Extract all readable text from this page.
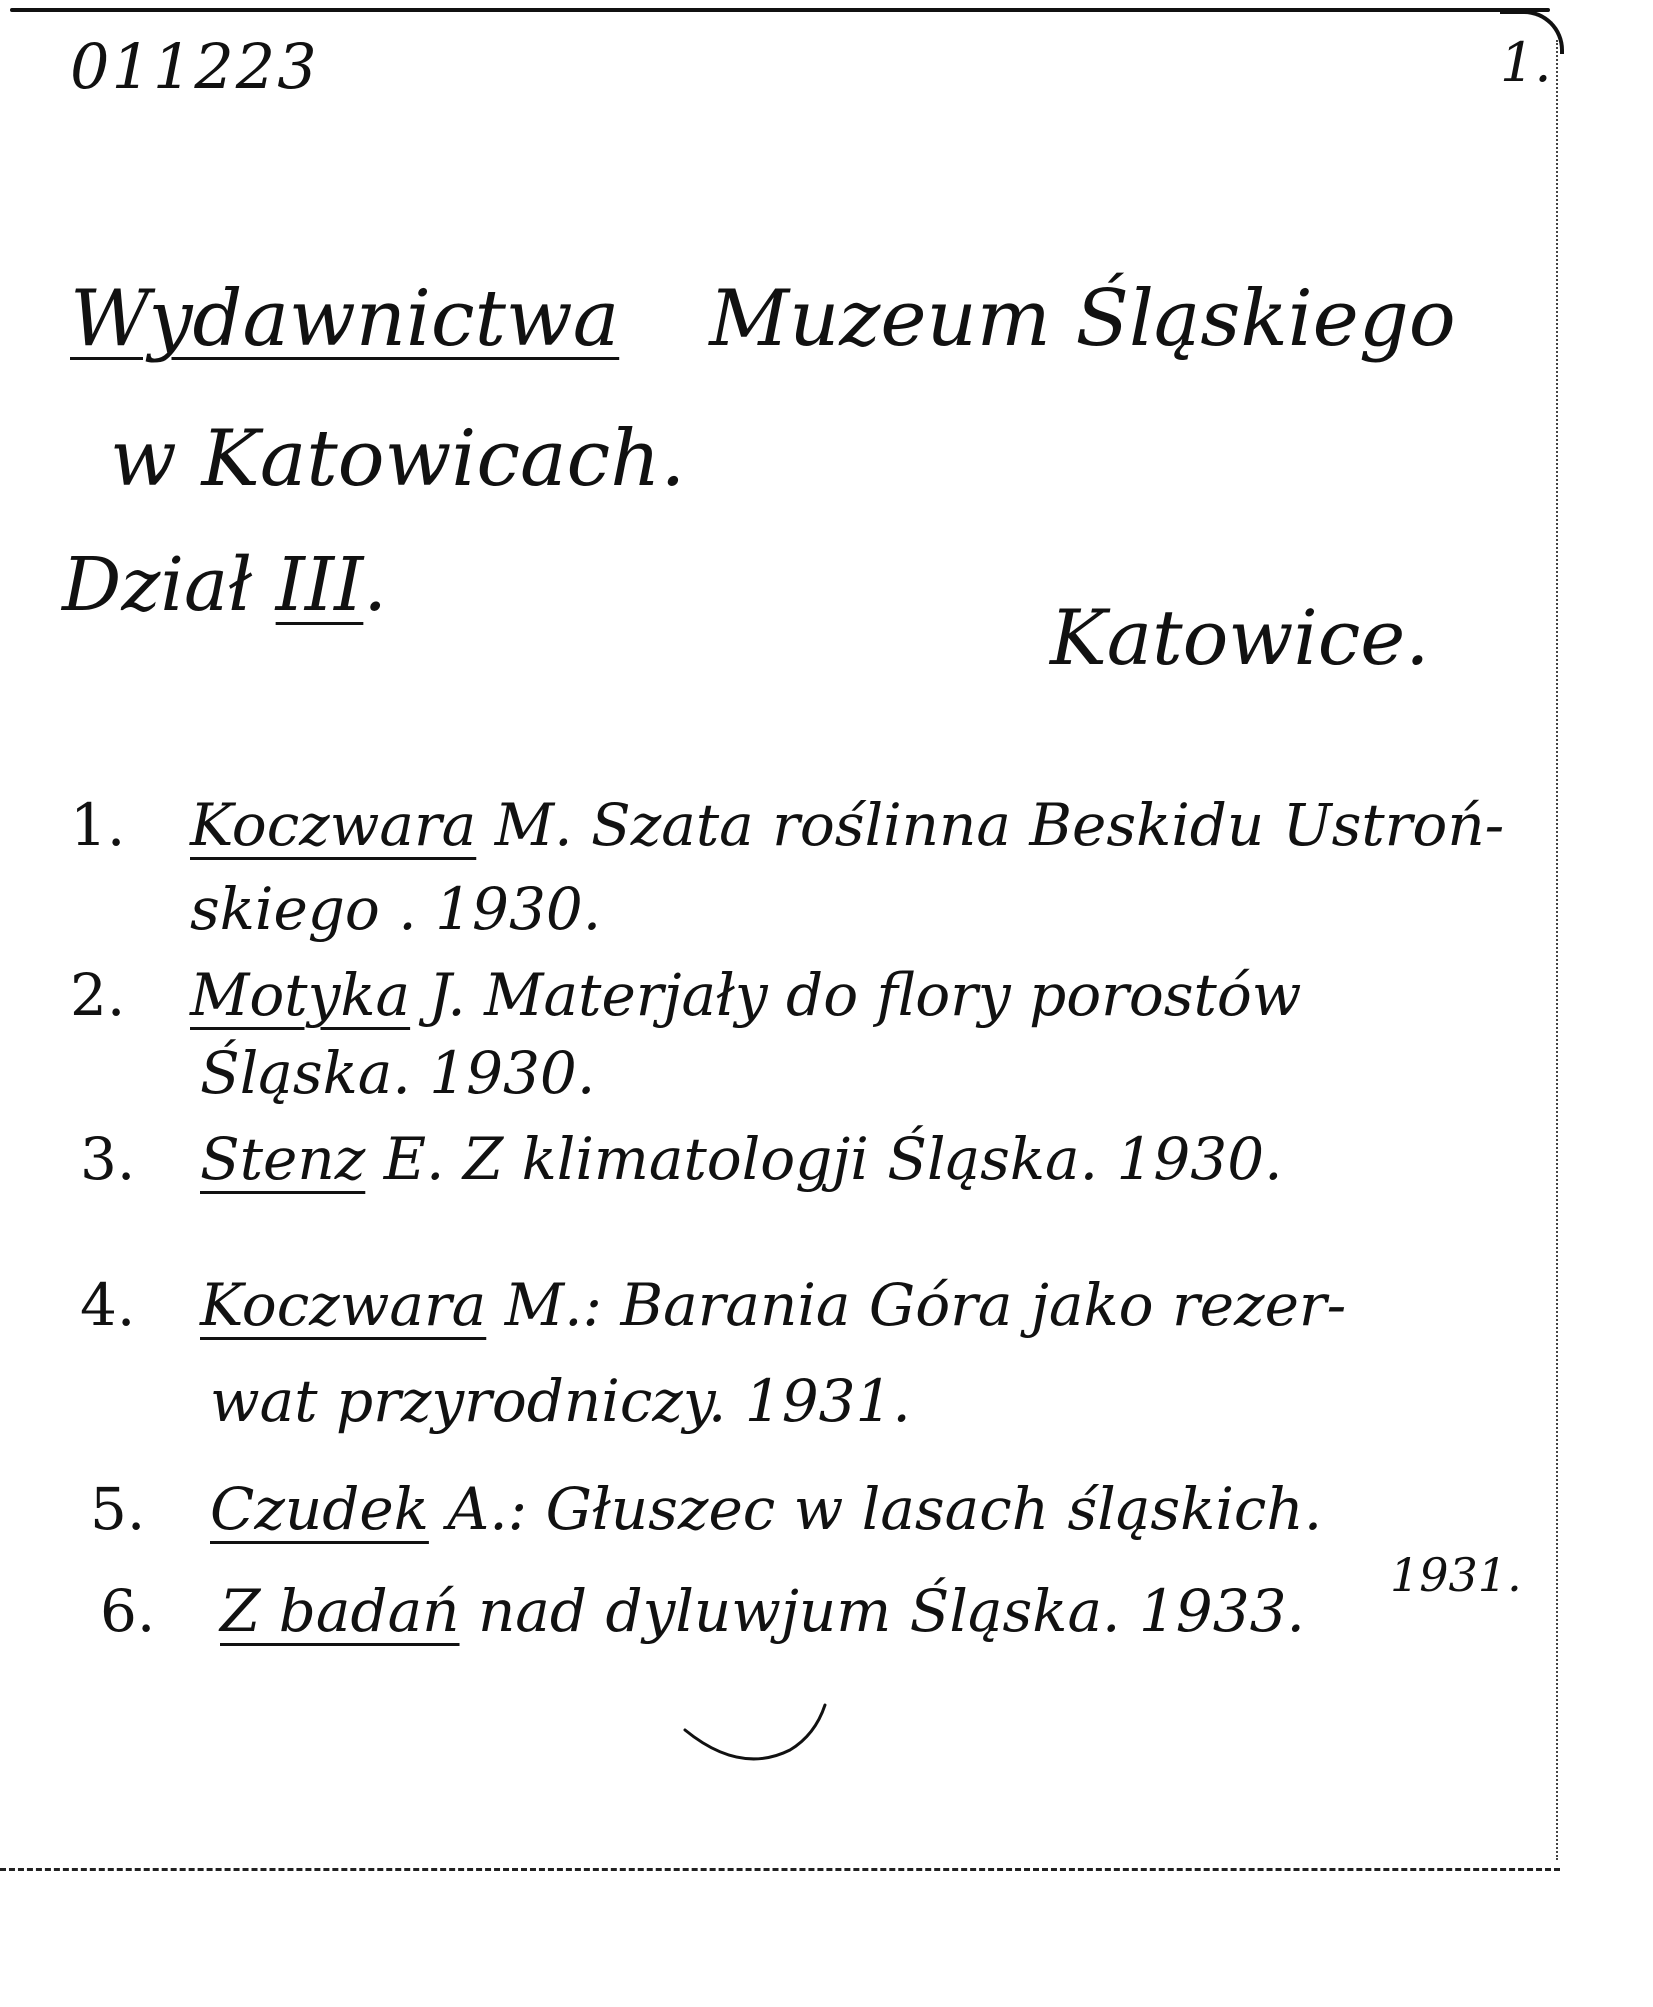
011223	1.
Wydawnictwa Muzeum Śląskiego
w Katowicach.
Dział III.
Katowice.
1. Koczwara M. Szata roślinna Beskidu Ustroń-
skiego . 1930.
2. Motyka J. Materjały do flory porostów
Śląska. 1930.
3. Stenz E. Z klimatologji Śląska. 1930.
4. Koczwara M.: Barania Góra jako rezer-
wat przyrodniczy. 1931.
5. Czudek A.: Głuszec w lasach śląskich.
6. Z badań nad dyluwjum Śląska. 1933.
1931.
